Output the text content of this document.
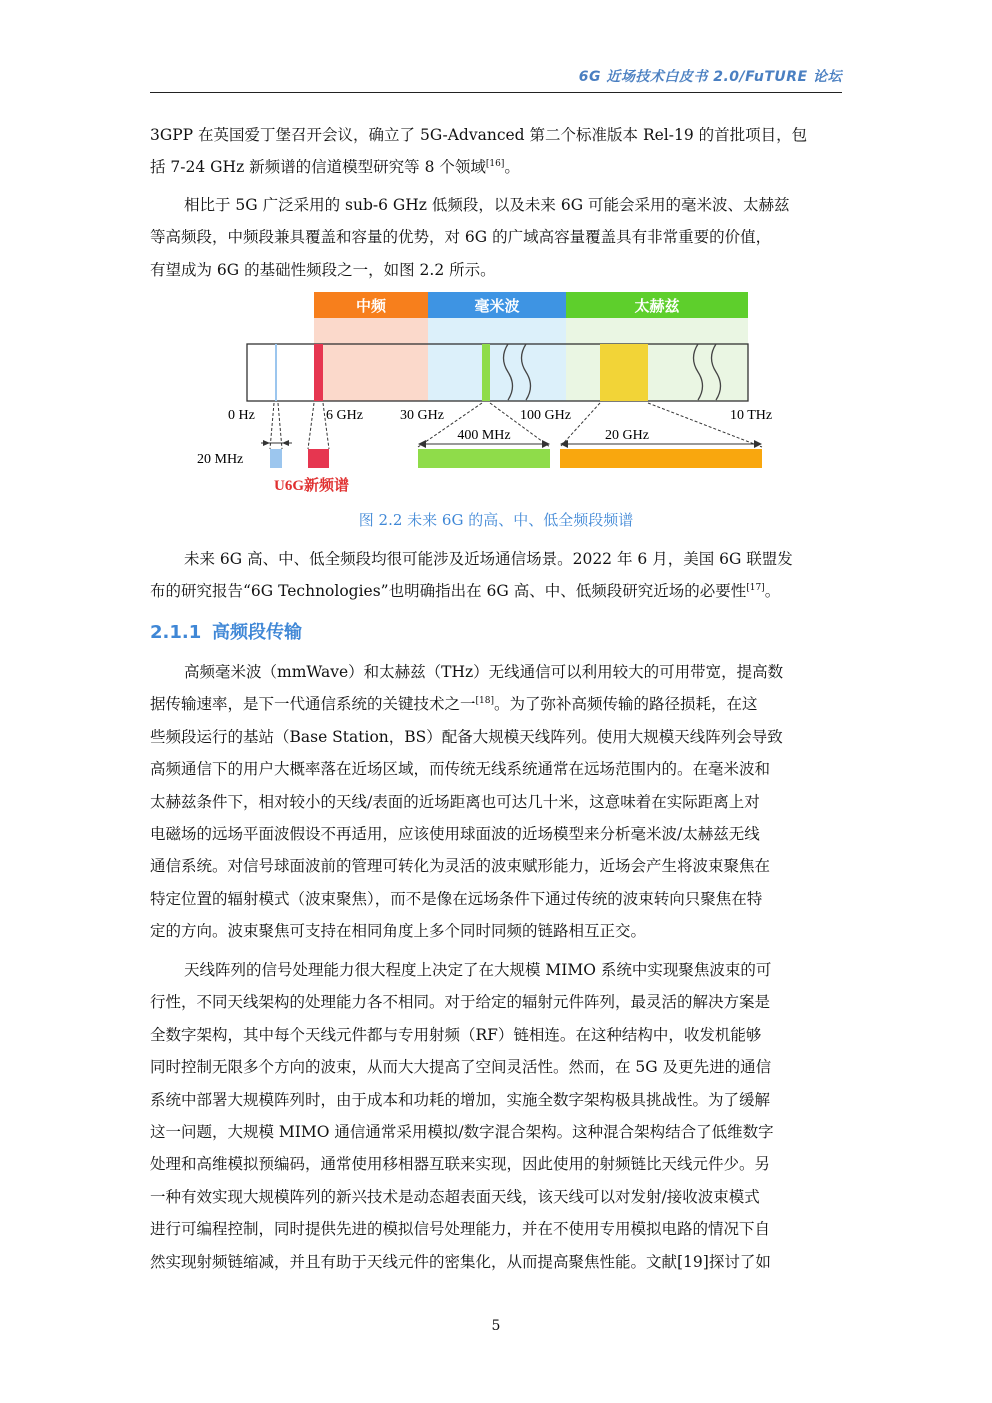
6G 近场技术白皮书 2.0/FuTURE 论坛
3GPP 在英国爱丁堡召开会议，确立了 5G-Advanced 第二个标准版本 Rel-19 的首批项目，包
括 7-24 GHz 新频谱的信道模型研究等 8 个领域[16]。
相比于 5G 广泛采用的 sub-6 GHz 低频段，以及未来 6G 可能会采用的毫米波、太赫兹
等高频段，中频段兼具覆盖和容量的优势，对 6G 的广域高容量覆盖具有非常重要的价值，
有望成为 6G 的基础性频段之一，如图 2.2 所示。
中频	毫米波	太赫兹
0 Hz	6 GHz	30 GHz	100 GHz	10 THz
20 MHz
U6G新频谱
400 MHz	20 GHz
图 2.2 未来 6G 的高、中、低全频段频谱
未来 6G 高、中、低全频段均很可能涉及近场通信场景。2022 年 6 月，美国 6G 联盟发
布的研究报告“6G Technologies”也明确指出在 6G 高、中、低频段研究近场的必要性[17]。
2.1.1 高频段传输
高频毫米波（mmWave）和太赫兹（THz）无线通信可以利用较大的可用带宽，提高数
据传输速率，是下一代通信系统的关键技术之一[18]。为了弥补高频传输的路径损耗，在这
些频段运行的基站（Base Station，BS）配备大规模天线阵列。使用大规模天线阵列会导致
高频通信下的用户大概率落在近场区域，而传统无线系统通常在远场范围内的。在毫米波和
太赫兹条件下，相对较小的天线/表面的近场距离也可达几十米，这意味着在实际距离上对
电磁场的远场平面波假设不再适用，应该使用球面波的近场模型来分析毫米波/太赫兹无线
通信系统。对信号球面波前的管理可转化为灵活的波束赋形能力，近场会产生将波束聚焦在
特定位置的辐射模式（波束聚焦），而不是像在远场条件下通过传统的波束转向只聚焦在特
定的方向。波束聚焦可支持在相同角度上多个同时同频的链路相互正交。
天线阵列的信号处理能力很大程度上决定了在大规模 MIMO 系统中实现聚焦波束的可
行性，不同天线架构的处理能力各不相同。对于给定的辐射元件阵列，最灵活的解决方案是
全数字架构，其中每个天线元件都与专用射频（RF）链相连。在这种结构中，收发机能够
同时控制无限多个方向的波束，从而大大提高了空间灵活性。然而，在 5G 及更先进的通信
系统中部署大规模阵列时，由于成本和功耗的增加，实施全数字架构极具挑战性。为了缓解
这一问题，大规模 MIMO 通信通常采用模拟/数字混合架构。这种混合架构结合了低维数字
处理和高维模拟预编码，通常使用移相器互联来实现，因此使用的射频链比天线元件少。另
一种有效实现大规模阵列的新兴技术是动态超表面天线，该天线可以对发射/接收波束模式
进行可编程控制，同时提供先进的模拟信号处理能力，并在不使用专用模拟电路的情况下自
然实现射频链缩减，并且有助于天线元件的密集化，从而提高聚焦性能。文献[19]探讨了如
5
